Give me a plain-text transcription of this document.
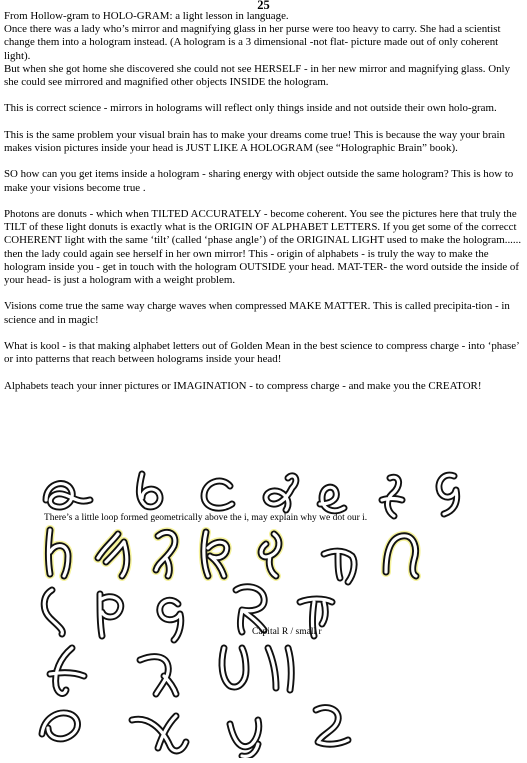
25

From Hollow-gram to HOLO-GRAM: a light lesson in language.
Once there was a lady who’s mirror and magnifying glass in her purse were too heavy to carry. She had a scientist change them into a hologram instead. (A hologram is a 3 dimensional -not flat- picture made out of only coherent light).
But when she got home she discovered she could not see HERSELF - in her new mirror and magnifying glass. Only she could see mirrored and magnified other objects INSIDE the hologram.

This is correct science - mirrors in holograms will reflect only things inside and not outside their own holo-gram.

This is the same problem your visual brain has to make your dreams come true! This is because the way your brain makes vision pictures inside your head is JUST LIKE A HOLOGRAM (see “Holographic Brain” book).

SO how can you get items inside a hologram - sharing energy with object outside the same hologram? This is how to make your visions become true .

Photons are donuts - which when TILTED ACCURATELY - become coherent. You see the pictures here that truly the TILT of these light donuts is exactly what is the ORIGIN OF ALPHABET LETTERS. If you get some of the correcct COHERENT light with the same ‘tilt’ (called ‘phase angle’) of the ORIGINAL LIGHT used to make the hologram...... then the lady could again see herself in her own mirror! This - origin of alphabets - is truly the way to make the hologram inside you - get in touch with the hologram OUTSIDE your head. MAT-TER- the word outside the inside of your head- is just a hologram with a weight problem.

Visions come true the same way charge waves when compressed MAKE MATTER. This is called precipita-tion - in science and in magic!

What is kool - is that making alphabet letters out of Golden Mean in the best science to compress charge - into ‘phase’ or into patterns that reach between holograms inside your head!

Alphabets teach your inner pictures or IMAGINATION - to compress charge - and make you the CREATOR!

There’s a little loop formed geometrically above the i, may explain why we dot our i.
Capital R / small r
